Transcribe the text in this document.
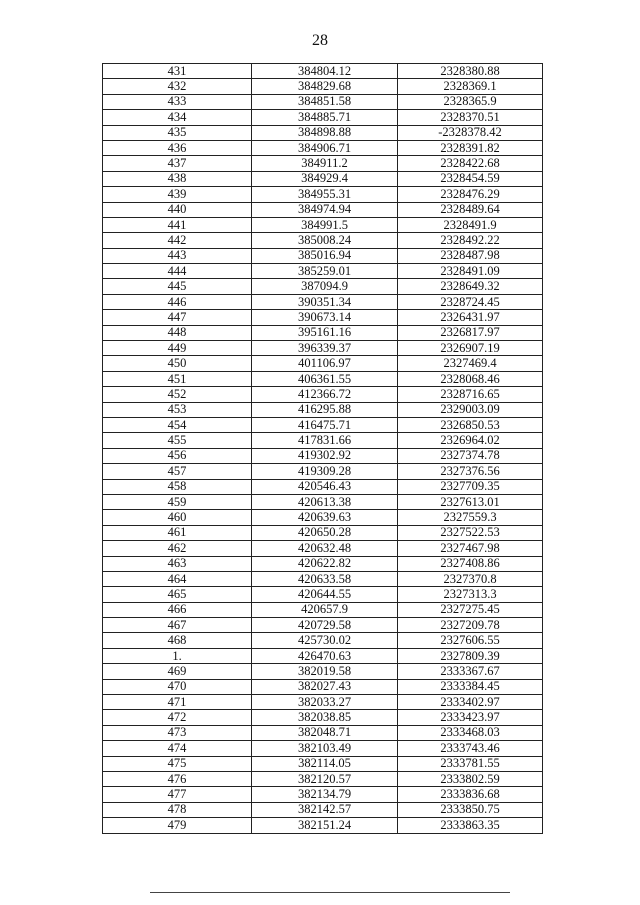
28
431	384804.12	2328380.88
432	384829.68	2328369.1
433	384851.58	2328365.9
434	384885.71	2328370.51
435	384898.88	-2328378.42
436	384906.71	2328391.82
437	384911.2	2328422.68
438	384929.4	2328454.59
439	384955.31	2328476.29
440	384974.94	2328489.64
441	384991.5	2328491.9
442	385008.24	2328492.22
443	385016.94	2328487.98
444	385259.01	2328491.09
445	387094.9	2328649.32
446	390351.34	2328724.45
447	390673.14	2326431.97
448	395161.16	2326817.97
449	396339.37	2326907.19
450	401106.97	2327469.4
451	406361.55	2328068.46
452	412366.72	2328716.65
453	416295.88	2329003.09
454	416475.71	2326850.53
455	417831.66	2326964.02
456	419302.92	2327374.78
457	419309.28	2327376.56
458	420546.43	2327709.35
459	420613.38	2327613.01
460	420639.63	2327559.3
461	420650.28	2327522.53
462	420632.48	2327467.98
463	420622.82	2327408.86
464	420633.58	2327370.8
465	420644.55	2327313.3
466	420657.9	2327275.45
467	420729.58	2327209.78
468	425730.02	2327606.55
1.	426470.63	2327809.39
469	382019.58	2333367.67
470	382027.43	2333384.45
471	382033.27	2333402.97
472	382038.85	2333423.97
473	382048.71	2333468.03
474	382103.49	2333743.46
475	382114.05	2333781.55
476	382120.57	2333802.59
477	382134.79	2333836.68
478	382142.57	2333850.75
479	382151.24	2333863.35
